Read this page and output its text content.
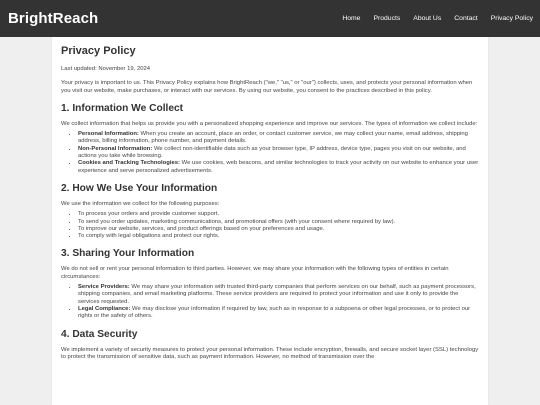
BrightReach	Home Products About Us Contact Privacy Policy
Privacy Policy

Last updated: November 19, 2024

Your privacy is important to us. This Privacy Policy explains how BrightReach ("we," "us," or "our") collects, uses, and protects your personal information when you visit our website, make purchases, or interact with our services. By using our website, you consent to the practices described in this policy.

1. Information We Collect

We collect information that helps us provide you with a personalized shopping experience and improve our services. The types of information we collect include:

• Personal Information: When you create an account, place an order, or contact customer service, we may collect your name, email address, shipping address, billing information, phone number, and payment details.
• Non-Personal Information: We collect non-identifiable data such as your browser type, IP address, device type, pages you visit on our website, and actions you take while browsing.
• Cookies and Tracking Technologies: We use cookies, web beacons, and similar technologies to track your activity on our website to enhance your user experience and serve personalized advertisements.
2. How We Use Your Information

We use the information we collect for the following purposes:

• To process your orders and provide customer support.
• To send you order updates, marketing communications, and promotional offers (with your consent where required by law).
• To improve our website, services, and product offerings based on your preferences and usage.
• To comply with legal obligations and protect our rights.
3. Sharing Your Information

We do not sell or rent your personal information to third parties. However, we may share your information with the following types of entities in certain circumstances:

• Service Providers: We may share your information with trusted third-party companies that perform services on our behalf, such as payment processors, shipping companies, and email marketing platforms. These service providers are required to protect your information and use it only to provide the services requested.
• Legal Compliance: We may disclose your information if required by law, such as in response to a subpoena or other legal processes, or to protect our rights or the safety of others.
4. Data Security

We implement a variety of security measures to protect your personal information. These include encryption, firewalls, and secure socket layer (SSL) technology to protect the transmission of sensitive data, such as payment information. However, no method of transmission over the
